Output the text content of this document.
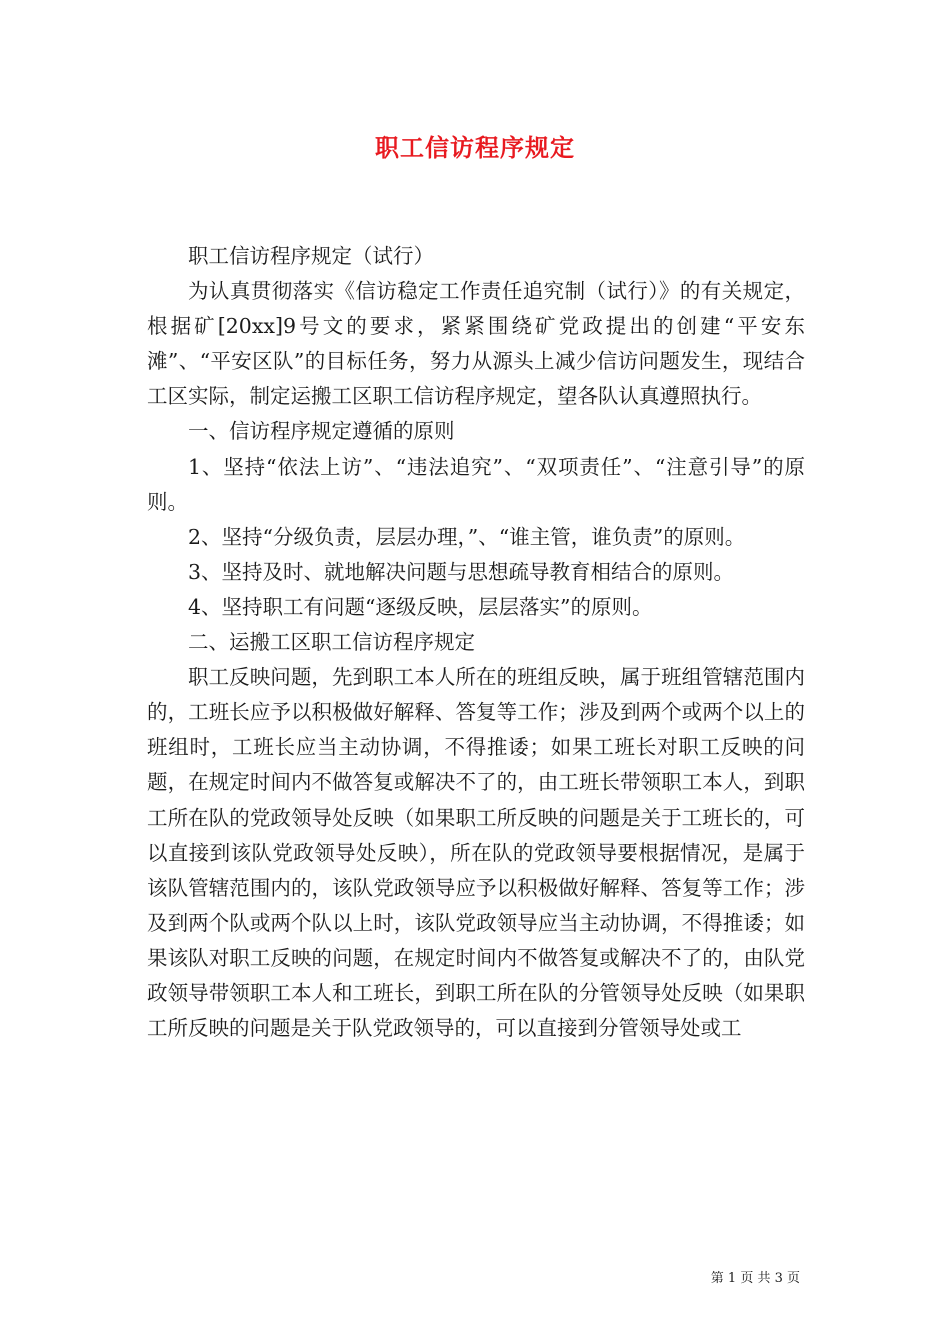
职工信访程序规定

职工信访程序规定（试行）

为认真贯彻落实《信访稳定工作责任追究制（试行）》的有关规定，根据矿[20xx]9号文的要求，紧紧围绕矿党政提出的创建“平安东滩”、“平安区队”的目标任务，努力从源头上减少信访问题发生，现结合工区实际，制定运搬工区职工信访程序规定，望各队认真遵照执行。

一、信访程序规定遵循的原则

1、坚持“依法上访”、“违法追究”、“双项责任”、“注意引导”的原则。

2、坚持“分级负责，层层办理，”、“谁主管，谁负责”的原则。

3、坚持及时、就地解决问题与思想疏导教育相结合的原则。

4、坚持职工有问题“逐级反映，层层落实”的原则。

二、运搬工区职工信访程序规定

职工反映问题，先到职工本人所在的班组反映，属于班组管辖范围内的，工班长应予以积极做好解释、答复等工作；涉及到两个或两个以上的班组时，工班长应当主动协调，不得推诿；如果工班长对职工反映的问题，在规定时间内不做答复或解决不了的，由工班长带领职工本人，到职工所在队的党政领导处反映（如果职工所反映的问题是关于工班长的，可以直接到该队党政领导处反映），所在队的党政领导要根据情况，是属于该队管辖范围内的，该队党政领导应予以积极做好解释、答复等工作；涉及到两个队或两个队以上时，该队党政领导应当主动协调，不得推诿；如果该队对职工反映的问题，在规定时间内不做答复或解决不了的，由队党政领导带领职工本人和工班长，到职工所在队的分管领导处反映（如果职工所反映的问题是关于队党政领导的，可以直接到分管领导处或工

第 1 页 共 3 页
